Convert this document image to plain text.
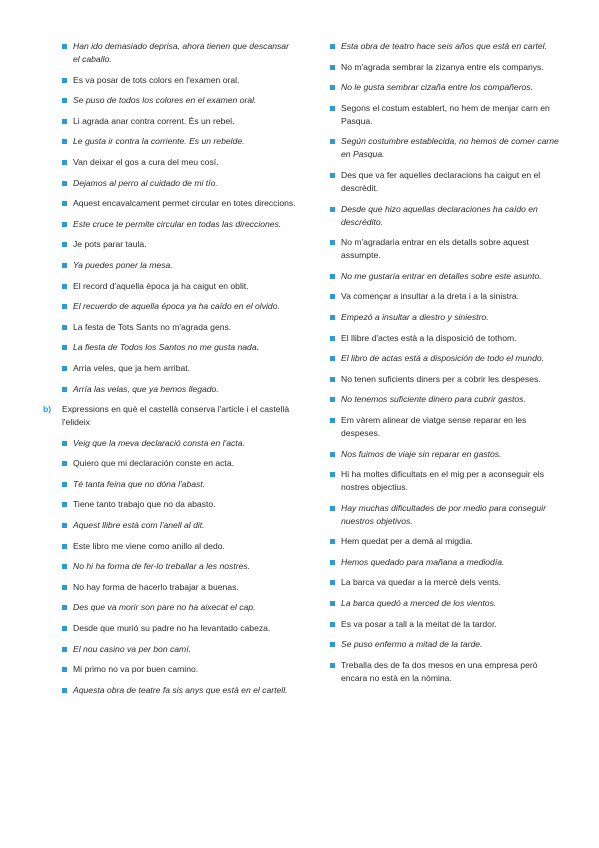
Han ido demasiado deprisa, ahora tienen que descansar el caballo.
Es va posar de tots colors en l'examen oral.
Se puso de todos los colores en el examen oral.
Li agrada anar contra corrent. És un rebel.
Le gusta ir contra la corriente. Es un rebelde.
Van deixar el gos a cura del meu cosí.
Dejamos al perro al cuidado de mi tío.
Aquest encavalcament permet circular en totes direccions.
Este cruce te permite circular en todas las direcciones.
Je pots parar taula.
Ya puedes poner la mesa.
El record d'aquella època ja ha caigut en oblit.
El recuerdo de aquella época ya ha caído en el olvido.
La festa de Tots Sants no m'agrada gens.
La fiesta de Todos los Santos no me gusta nada.
Arria veles, que ja hem arribat.
Arría las velas, que ya hemos llegado.
b) Expressions en què el castellà conserva l'article i el castellà l'elideix
Veig que la meva declaració consta en l'acta.
Quiero que mi declaración conste en acta.
Té tanta feina que no dóna l'abast.
Tiene tanto trabajo que no da abasto.
Aquest llibre està com l'anell al dit.
Este libro me viene como anillo al dedo.
No hi ha forma de fer-lo treballar a les nostres.
No hay forma de hacerlo trabajar a buenas.
Des que va morir son pare no ha aixecat el cap.
Desde que murió su padre no ha levantado cabeza.
El nou casino va per bon camí.
Mi primo no va por buen camino.
Aquesta obra de teatre fa sis anys que està en el cartell.
Esta obra de teatro hace seis años que está en cartel.
No m'agrada sembrar la zizanya entre els companys.
No le gusta sembrar cizaña entre los compañeros.
Segons el costum establert, no hem de menjar carn en Pasqua.
Según costumbre establecida, no hemos de comer carne en Pasqua.
Des que va fer aquelles declaracions ha caigut en el descrèdit.
Desde que hizo aquellas declaraciones ha caído en descrédito.
No m'agradaria entrar en els detalls sobre aquest assumpte.
No me gustaría entrar en detalles sobre este asunto.
Va començar a insultar a la dreta i a la sinistra.
Empezó a insultar a diestro y siniestro.
El llibre d'actes està a la disposició de tothom.
El libro de actas está a disposición de todo el mundo.
No tenen suficients diners per a cobrir les despeses.
No tenemos suficiente dinero para cubrir gastos.
Em vàrem alinear de viatge sense reparar en les despeses.
Nos fuimos de viaje sin reparar en gastos.
Hi ha moltes dificultats en el mig per a aconseguir els nostres objectius.
Hay muchas dificultades de por medio para conseguir nuestros objetivos.
Hem quedat per a demà al migdia.
Hemos quedado para mañana a mediodía.
La barca va quedar a la mercè dels vents.
La barca quedó a merced de los vientos.
Es va posar a tall a la meitat de la tardor.
Se puso enfermo a mitad de la tarde.
Treballa des de fa dos mesos en una empresa però encara no està en la nòmina.
